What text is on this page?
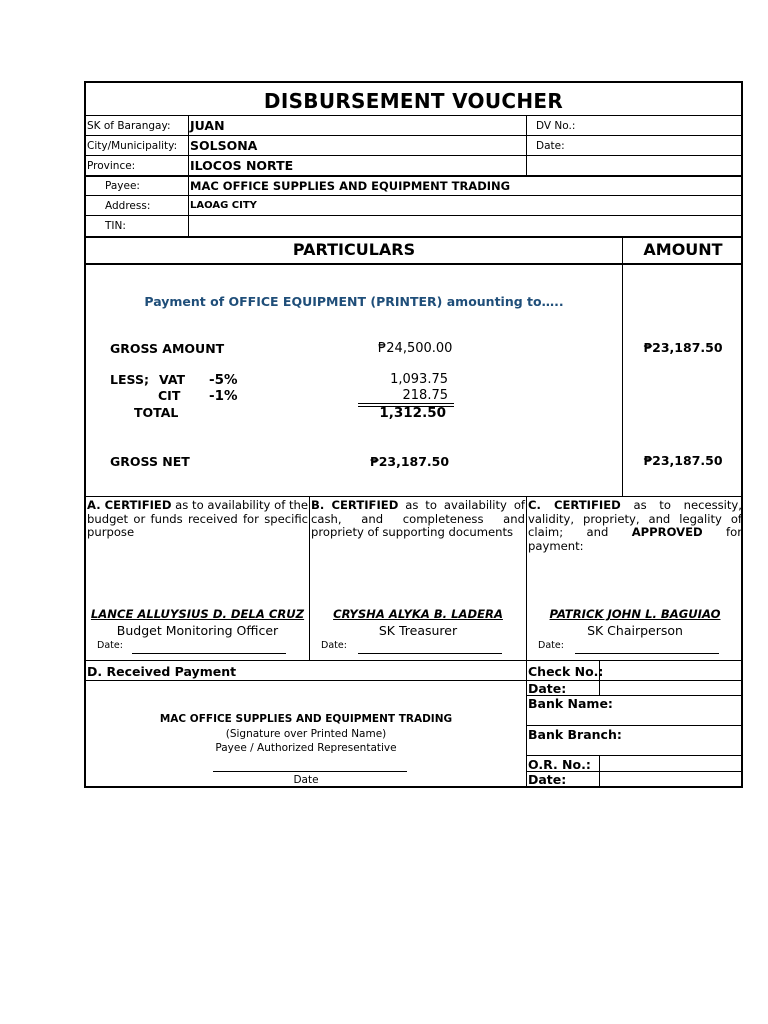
DISBURSEMENT VOUCHER
SK of Barangay: JUAN	DV No.:
City/Municipality: SOLSONA	Date:
Province:	ILOCOS NORTE
Payee:	MAC OFFICE SUPPLIES AND EQUIPMENT TRADING
Address:	LAOAG CITY
TIN:
PARTICULARS	AMOUNT
Payment of OFFICE EQUIPMENT (PRINTER) amounting to…..
GROSS AMOUNT	₱24,500.00	₱23,187.50
LESS; VAT -5%	1,093.75
CIT -1%	218.75
TOTAL	1,312.50
GROSS NET	₱23,187.50	₱23,187.50
A. CERTIFIED as to availability of the budget or funds received for specific purpose
LANCE ALLUYSIUS D. DELA CRUZ
Budget Monitoring Officer
Date:
B. CERTIFIED as to availability of cash, and completeness and propriety of supporting documents
CRYSHA ALYKA B. LADERA
SK Treasurer
Date:
C. CERTIFIED as to necessity, validity, propriety, and legality of claim; and APPROVED for payment:
PATRICK JOHN L. BAGUIAO
SK Chairperson
Date:
D. Received Payment
MAC OFFICE SUPPLIES AND EQUIPMENT TRADING
(Signature over Printed Name)
Payee / Authorized Representative
Date
Check No.:
Date:
Bank Name:
Bank Branch:
O.R. No.:
Date:
